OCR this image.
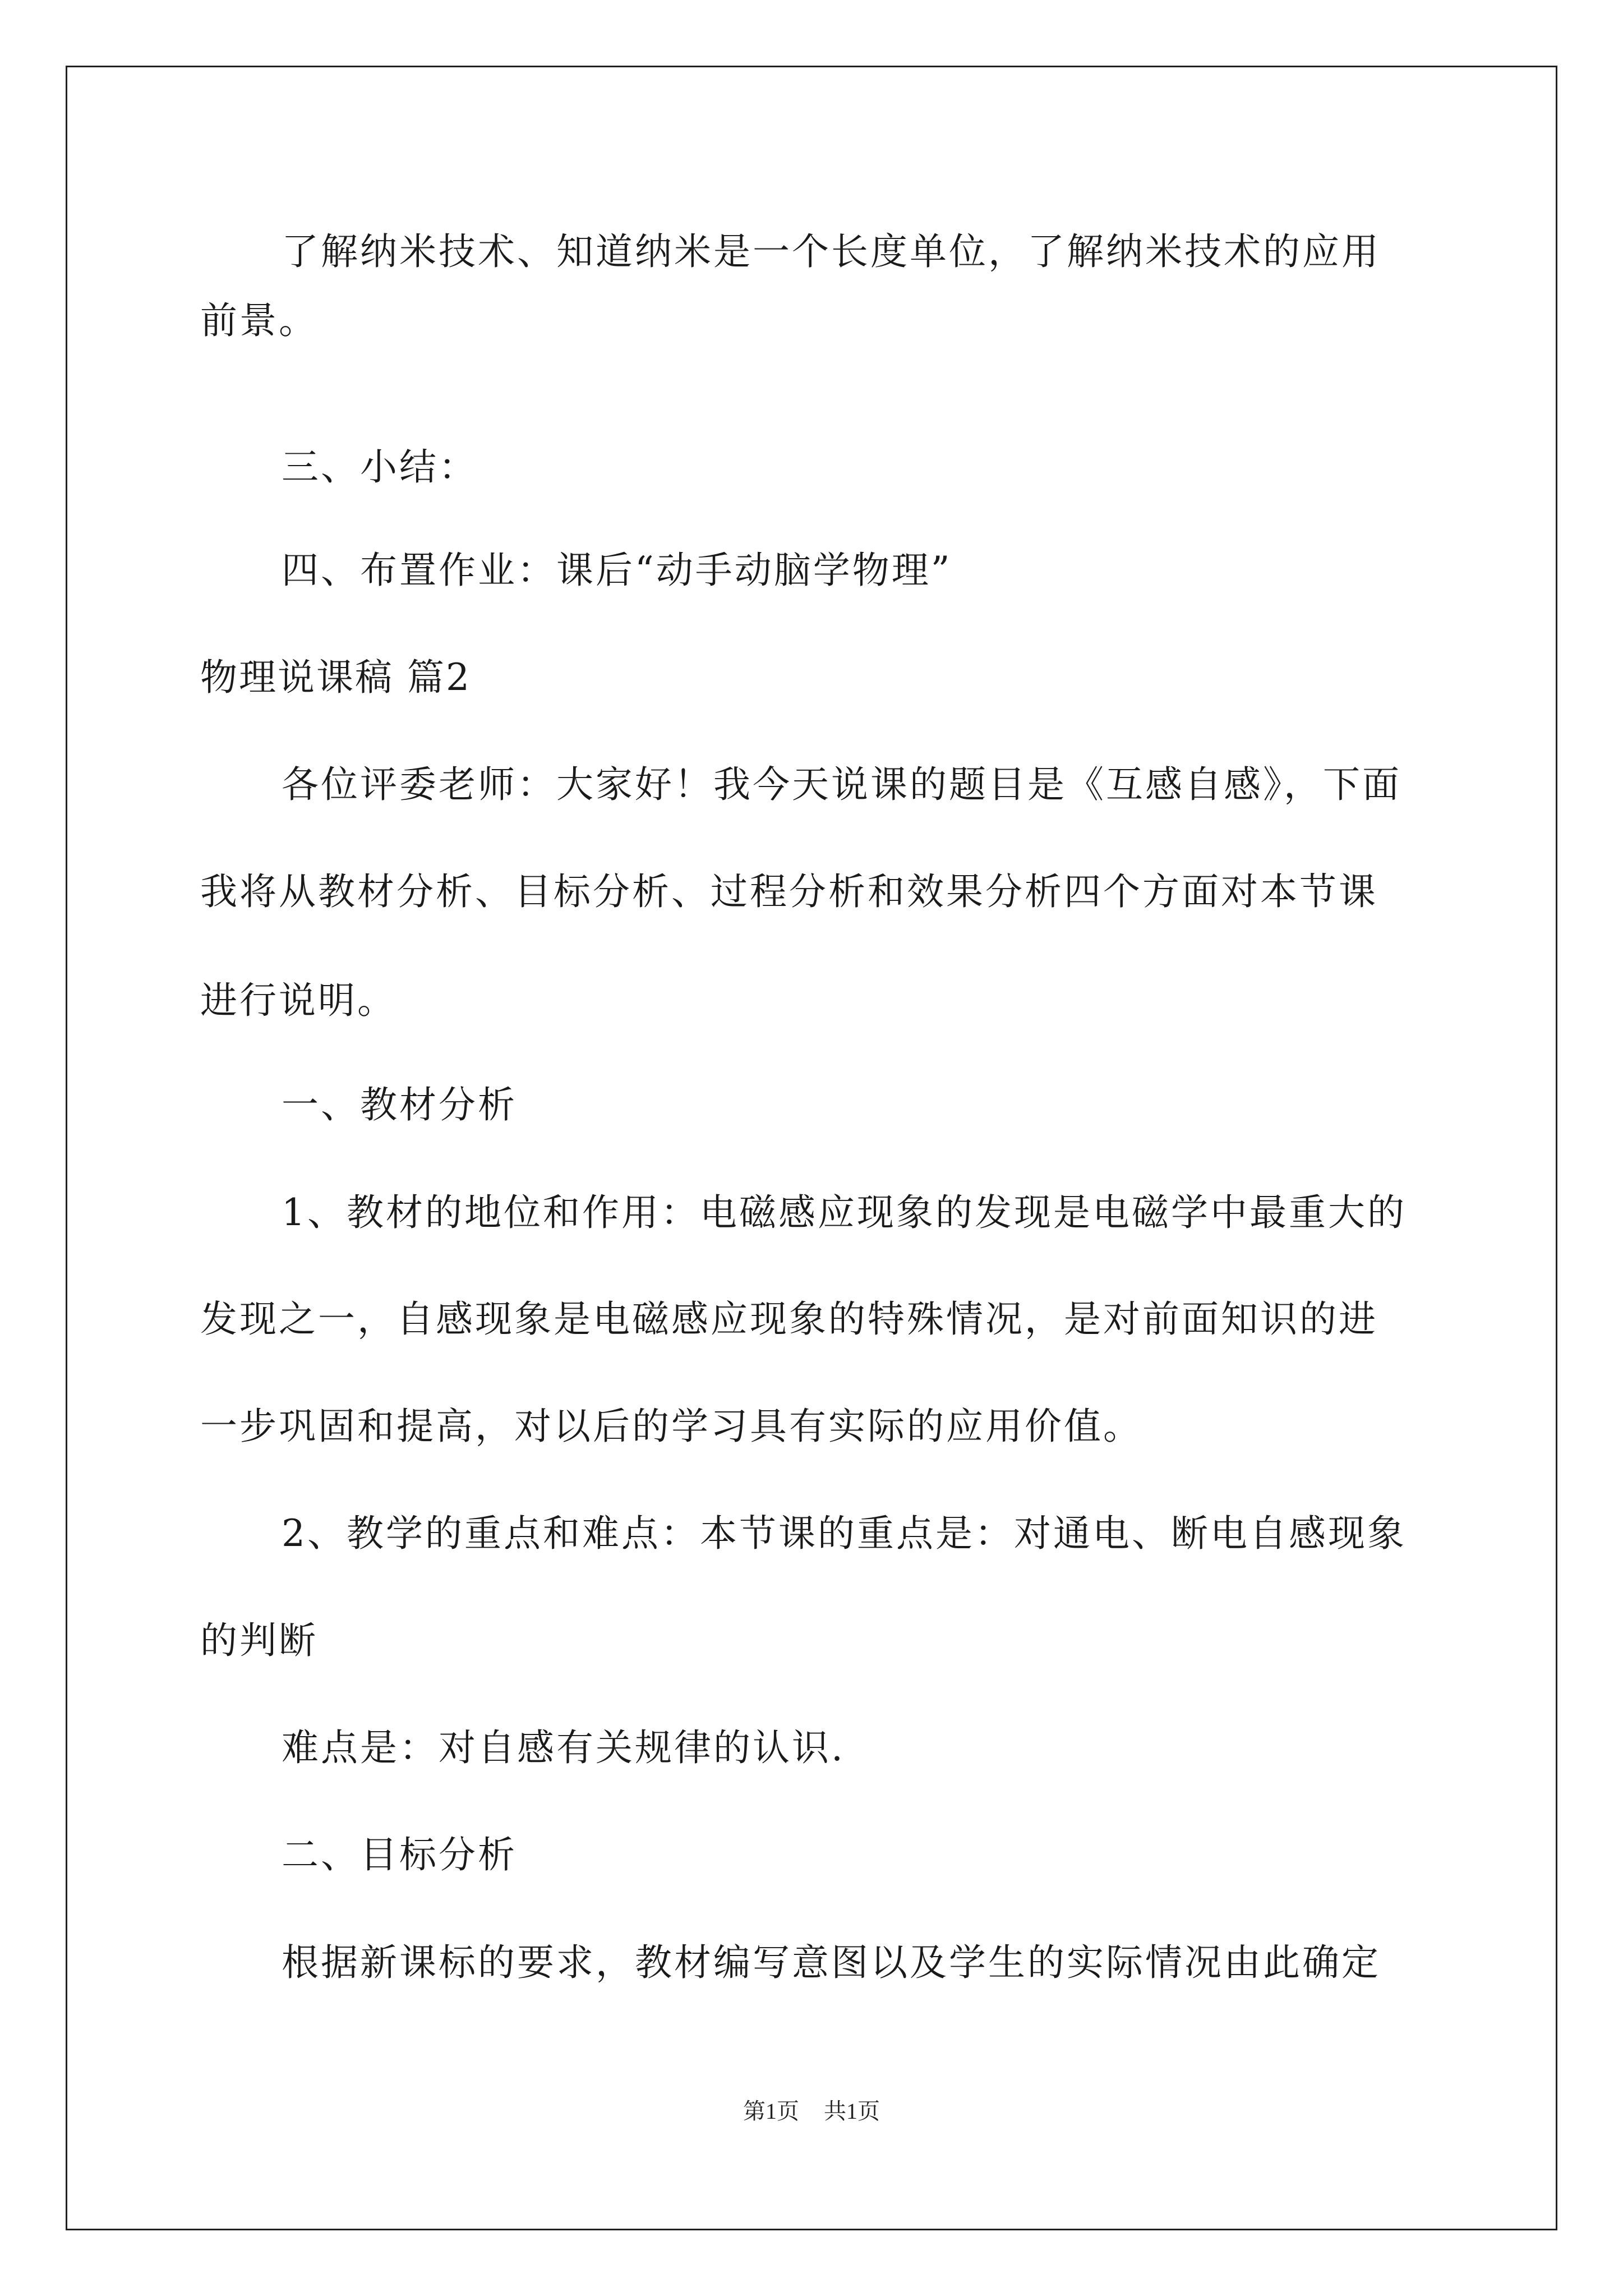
了解纳米技术、知道纳米是一个长度单位，了解纳米技术的应用
前景。
三、小结：
四、布置作业：课后“动手动脑学物理”
物理说课稿 篇2
各位评委老师：大家好！我今天说课的题目是《互感自感》，下面
我将从教材分析、目标分析、过程分析和效果分析四个方面对本节课
进行说明。
一、教材分析
1、教材的地位和作用：电磁感应现象的发现是电磁学中最重大的
发现之一，自感现象是电磁感应现象的特殊情况，是对前面知识的进
一步巩固和提高，对以后的学习具有实际的应用价值。
2、教学的重点和难点：本节课的重点是：对通电、断电自感现象
的判断
难点是：对自感有关规律的认识.
二、目标分析
根据新课标的要求，教材编写意图以及学生的实际情况由此确定
第1页 共1页
